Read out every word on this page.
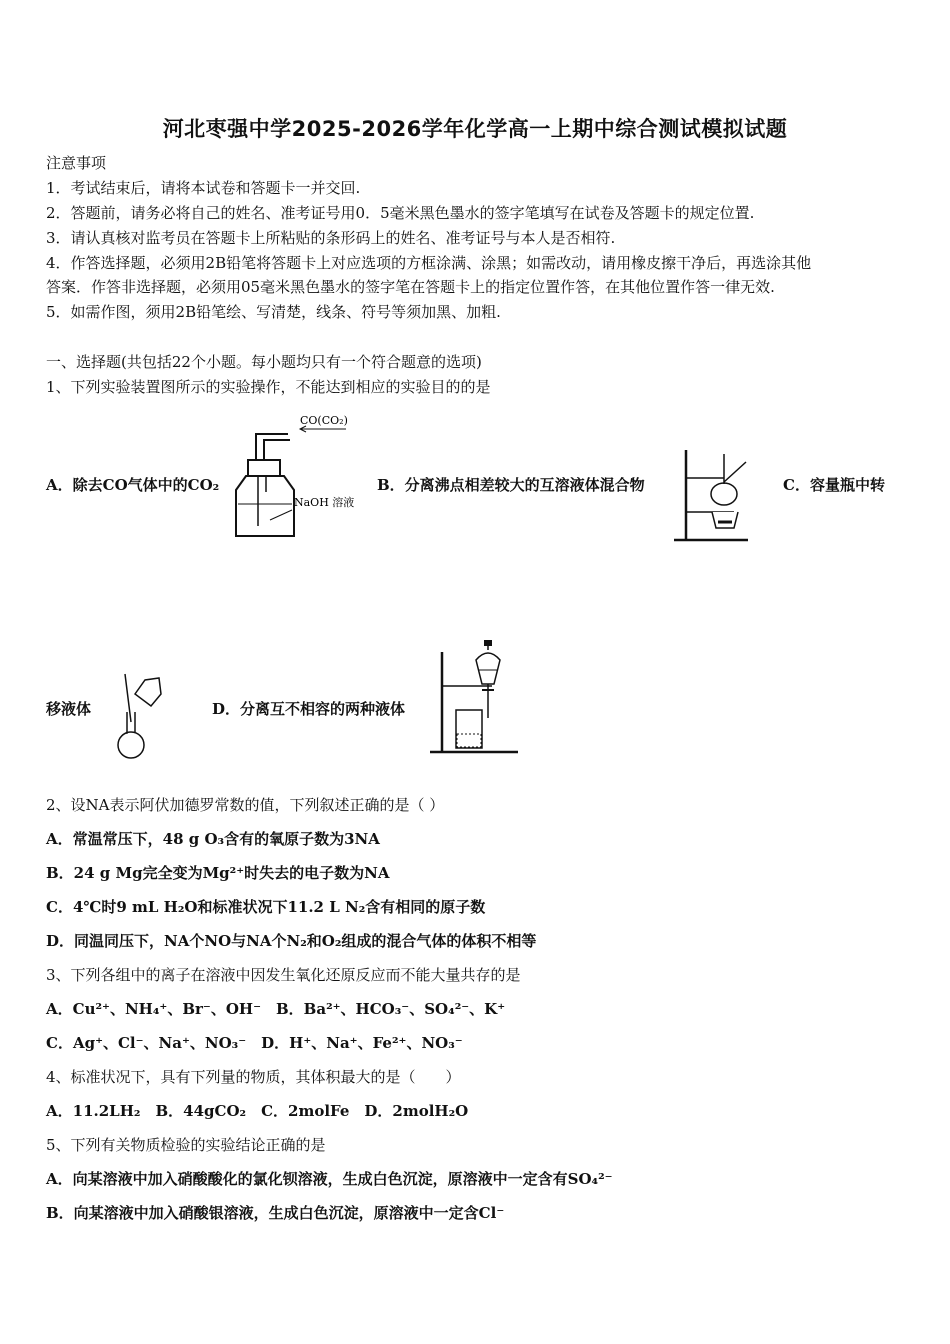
河北枣强中学2025-2026学年化学高一上期中综合测试模拟试题
注意事项
1．考试结束后，请将本试卷和答题卡一并交回.
2．答题前，请务必将自己的姓名、准考证号用0．5毫米黑色墨水的签字笔填写在试卷及答题卡的规定位置.
3．请认真核对监考员在答题卡上所粘贴的条形码上的姓名、准考证号与本人是否相符.
4．作答选择题，必须用2B铅笔将答题卡上对应选项的方框涂满、涂黑；如需改动，请用橡皮擦干净后，再选涂其他
答案．作答非选择题，必须用05毫米黑色墨水的签字笔在答题卡上的指定位置作答，在其他位置作答一律无效.
5．如需作图，须用2B铅笔绘、写清楚，线条、符号等须加黑、加粗.
一、选择题(共包括22个小题。每小题均只有一个符合题意的选项)
1、下列实验装置图所示的实验操作，不能达到相应的实验目的的是
A．除去CO气体中的CO₂
CO(CO₂)
NaOH 溶液
B．分离沸点相差较大的互溶液体混合物	C．容量瓶中转
移液体	D．分离互不相容的两种液体
2、设NA表示阿伏加德罗常数的值，下列叙述正确的是（ ）
A．常温常压下，48 g O₃含有的氧原子数为3NA
B．24 g Mg完全变为Mg²⁺时失去的电子数为NA
C．4℃时9 mL H₂O和标准状况下11.2 L N₂含有相同的原子数
D．同温同压下，NA个NO与NA个N₂和O₂组成的混合气体的体积不相等
3、下列各组中的离子在溶液中因发生氧化还原反应而不能大量共存的是
A．Cu²⁺、NH₄⁺、Br⁻、OH⁻　B．Ba²⁺、HCO₃⁻、SO₄²⁻、K⁺
C．Ag⁺、Cl⁻、Na⁺、NO₃⁻　D．H⁺、Na⁺、Fe²⁺、NO₃⁻
4、标准状况下，具有下列量的物质，其体积最大的是（　　）
A．11.2LH₂　B．44gCO₂　C．2molFe　D．2molH₂O
5、下列有关物质检验的实验结论正确的是
A．向某溶液中加入硝酸酸化的氯化钡溶液，生成白色沉淀，原溶液中一定含有SO₄²⁻
B．向某溶液中加入硝酸银溶液，生成白色沉淀，原溶液中一定含Cl⁻
